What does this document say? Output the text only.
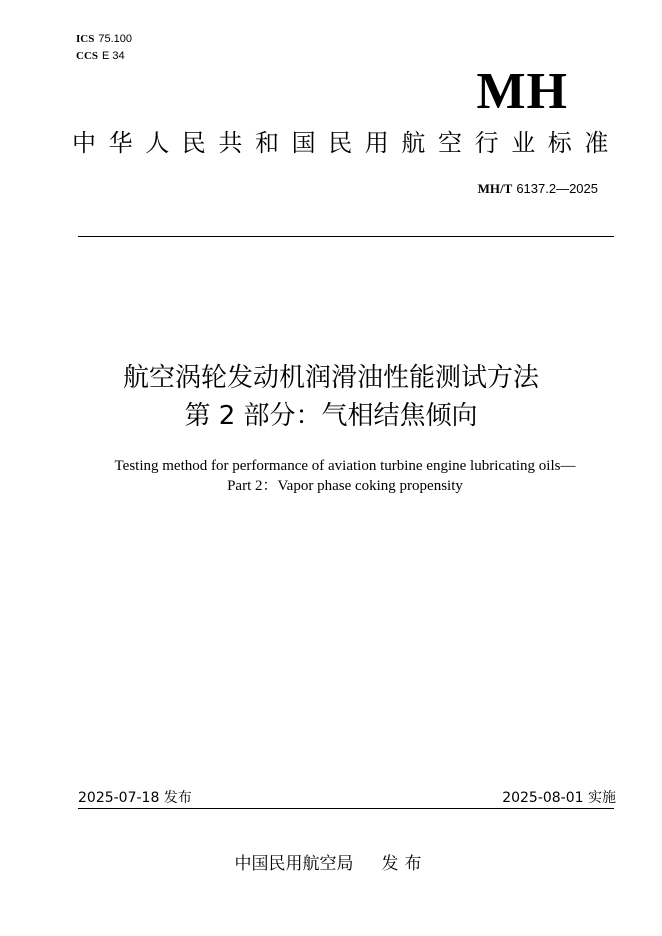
ICS 75.100
CCS E 34
MH
中华人民共和国民用航空行业标准
MH/T 6137.2—2025
航空涡轮发动机润滑油性能测试方法
第 2 部分：气相结焦倾向
Testing method for performance of aviation turbine engine lubricating oils—
Part 2：Vapor phase coking propensity
2025-07-18 发布	2025-08-01 实施
中国民用航空局 发布
